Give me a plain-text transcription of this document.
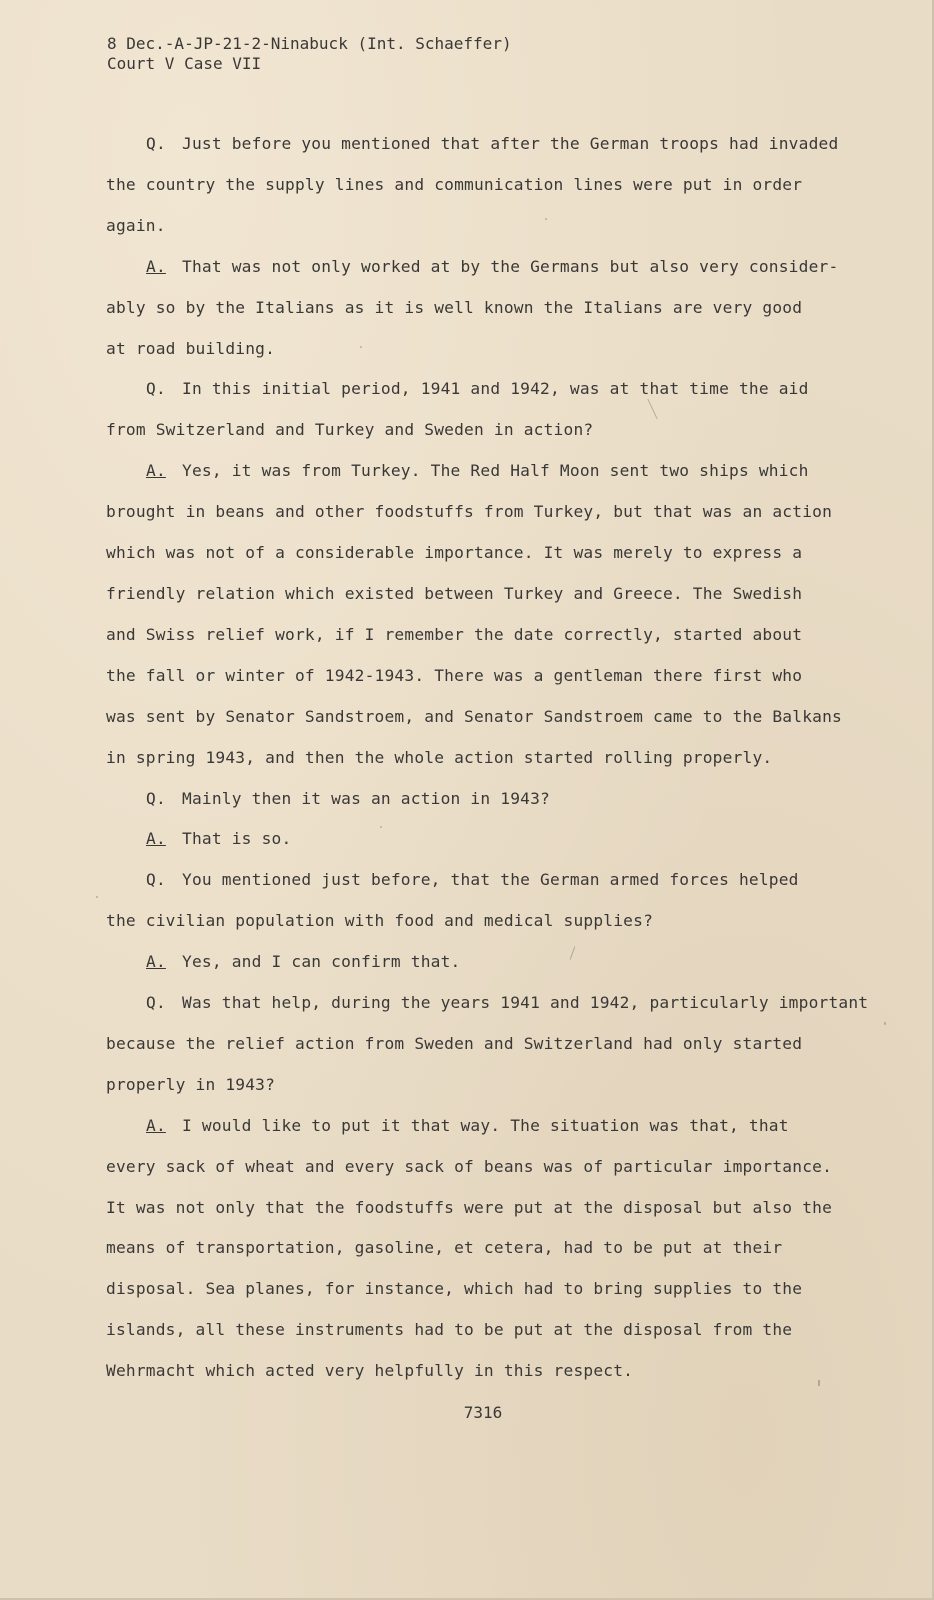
8 Dec.-A-JP-21-2-Ninabuck (Int. Schaeffer)
Court V Case VII
Q. Just before you mentioned that after the German troops had invaded
the country the supply lines and communication lines were put in order
again.
A. That was not only worked at by the Germans but also very consider-
ably so by the Italians as it is well known the Italians are very good
at road building.
Q. In this initial period, 1941 and 1942, was at that time the aid
from Switzerland and Turkey and Sweden in action?
A. Yes, it was from Turkey. The Red Half Moon sent two ships which
brought in beans and other foodstuffs from Turkey, but that was an action
which was not of a considerable importance. It was merely to express a
friendly relation which existed between Turkey and Greece. The Swedish
and Swiss relief work, if I remember the date correctly, started about
the fall or winter of 1942-1943. There was a gentleman there first who
was sent by Senator Sandstroem, and Senator Sandstroem came to the Balkans
in spring 1943, and then the whole action started rolling properly.
Q. Mainly then it was an action in 1943?
A. That is so.
Q. You mentioned just before, that the German armed forces helped
the civilian population with food and medical supplies?
A. Yes, and I can confirm that.
Q. Was that help, during the years 1941 and 1942, particularly important
because the relief action from Sweden and Switzerland had only started
properly in 1943?
A. I would like to put it that way. The situation was that, that
every sack of wheat and every sack of beans was of particular importance.
It was not only that the foodstuffs were put at the disposal but also the
means of transportation, gasoline, et cetera, had to be put at their
disposal. Sea planes, for instance, which had to bring supplies to the
islands, all these instruments had to be put at the disposal from the
Wehrmacht which acted very helpfully in this respect.
7316
